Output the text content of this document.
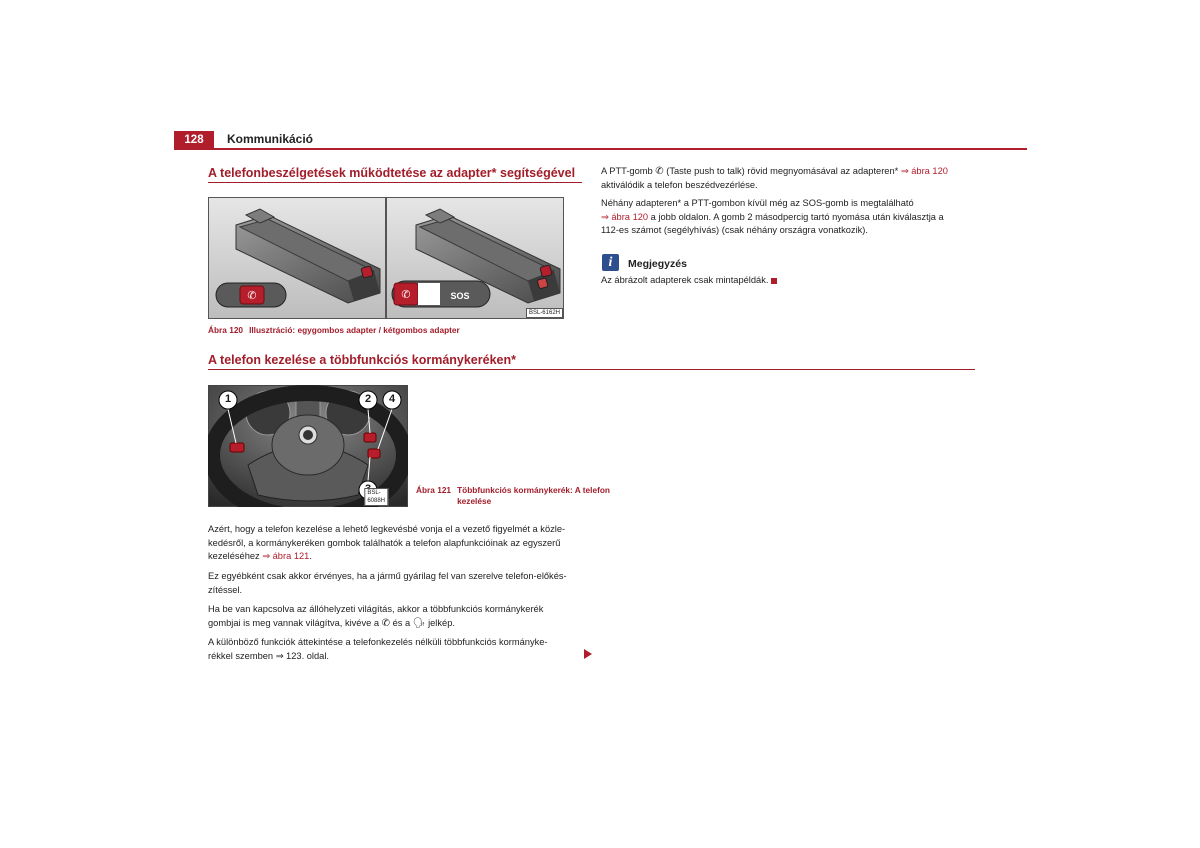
128	Kommunikáció
A telefonbeszélgetések működtetése az adapter* segítségével
✆	✆	SOS
BSL-6162H
Ábra 120 Illusztráció: egygombos adapter / kétgombos adapter
A telefon kezelése a többfunkciós kormánykeréken*
1	2	4
BSL-6088H
Ábra 121 Többfunkciós kormánykerék: A telefon kezelése
Azért, hogy a telefon kezelése a lehető legkevésbé vonja el a vezető figyelmét a közle-
kedésről, a kormánykeréken gombok találhatók a telefon alapfunkcióinak az egyszerű
kezeléséhez ⇒ ábra 121.
Ez egyébként csak akkor érvényes, ha a jármű gyárilag fel van szerelve telefon-előkés-
zítéssel.
Ha be van kapcsolva az állóhelyzeti világítás, akkor a többfunkciós kormánykerék
gombjai is meg vannak világítva, kivéve a ✆ és a 🗣 jelkép.
A különböző funkciók áttekintése a telefonkezelés nélküli többfunkciós kormányke-
rékkel szemben ⇒ 123. oldal.
A PTT-gomb ✆ (Taste push to talk) rövid megnyomásával az adapteren* ⇒ ábra 120
aktiválódik a telefon beszédvezérlése.
Néhány adapteren* a PTT-gombon kívül még az SOS-gomb is megtalálható
⇒ ábra 120 a jobb oldalon. A gomb 2 másodpercig tartó nyomása után kiválasztja a
112-es számot (segélyhívás) (csak néhány országra vonatkozik).
i	Megjegyzés
Az ábrázolt adapterek csak mintapéldák.
